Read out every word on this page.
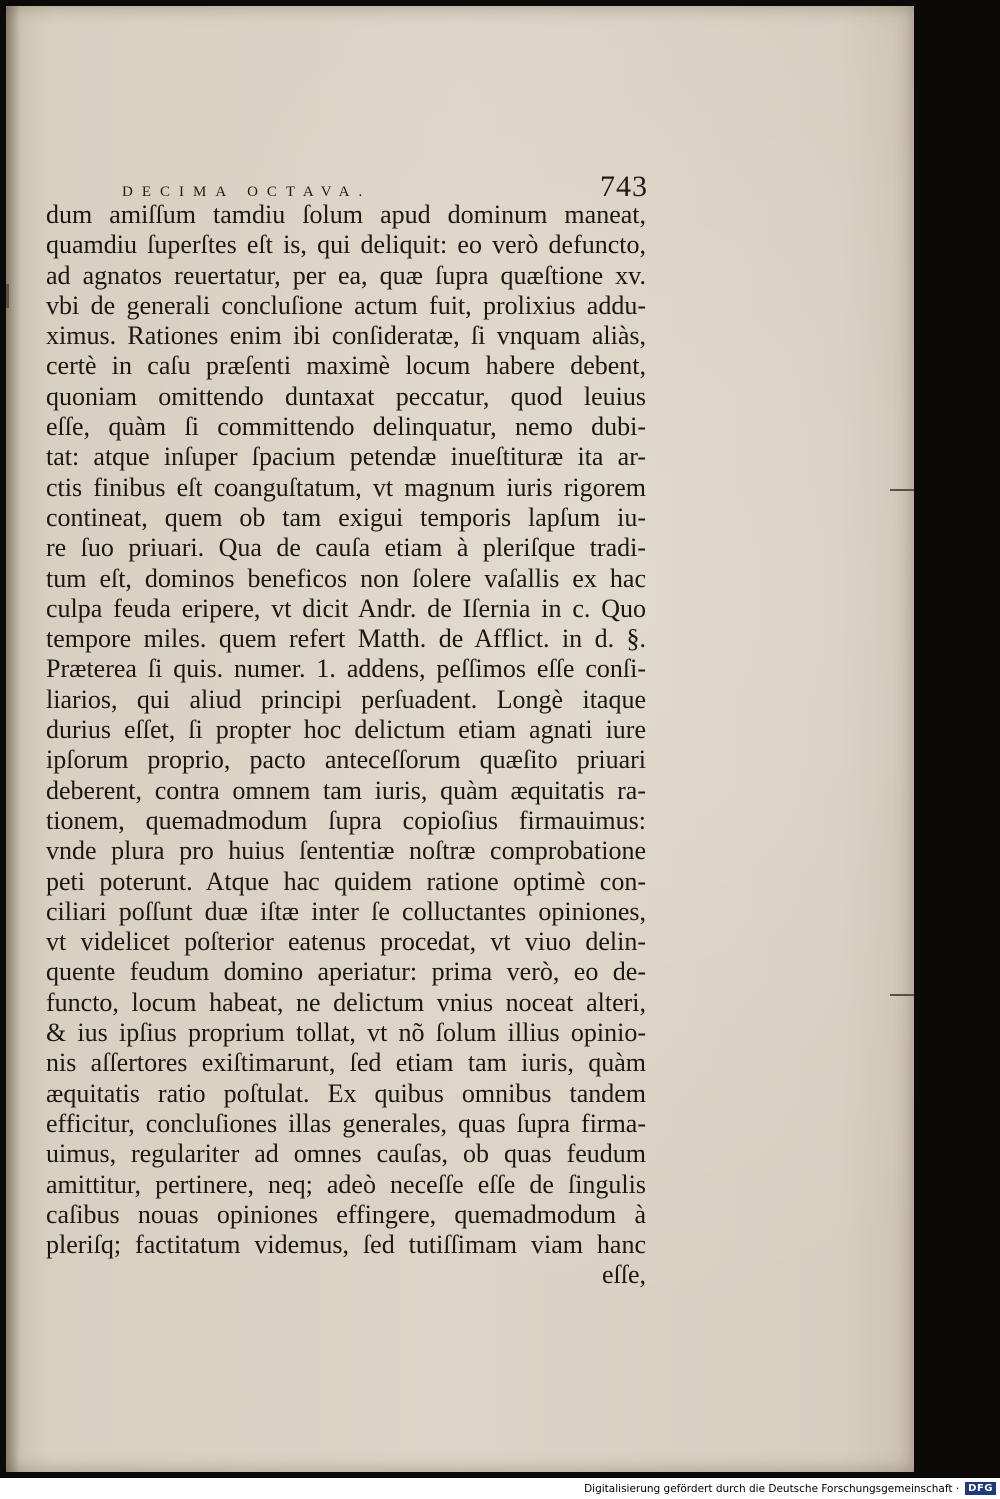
DECIMA OCTAVA.	743
dum amiſſum tamdiu ſolum apud dominum maneat,
quamdiu ſuperſtes eſt is, qui deliquit: eo verò defuncto,
ad agnatos reuertatur, per ea, quæ ſupra quæſtione xv.
vbi de generali concluſione actum fuit, prolixius addu-
ximus. Rationes enim ibi conſideratæ, ſi vnquam aliàs,
certè in caſu præſenti maximè locum habere debent,
quoniam omittendo duntaxat peccatur, quod leuius
eſſe, quàm ſi committendo delinquatur, nemo dubi-
tat: atque inſuper ſpacium petendæ inueſtituræ ita ar-
ctis finibus eſt coanguſtatum, vt magnum iuris rigorem
contineat, quem ob tam exigui temporis lapſum iu-
re ſuo priuari. Qua de cauſa etiam à pleriſque tradi-
tum eſt, dominos beneficos non ſolere vaſallis ex hac
culpa feuda eripere, vt dicit Andr. de Iſernia in c. Quo
tempore miles. quem refert Matth. de Afflict. in d. §.
Præterea ſi quis. numer. 1. addens, peſſimos eſſe conſi-
liarios, qui aliud principi perſuadent. Longè itaque
durius eſſet, ſi propter hoc delictum etiam agnati iure
ipſorum proprio, pacto anteceſſorum quæſito priuari
deberent, contra omnem tam iuris, quàm æquitatis ra-
tionem, quemadmodum ſupra copioſius firmauimus:
vnde plura pro huius ſententiæ noſtræ comprobatione
peti poterunt. Atque hac quidem ratione optimè con-
ciliari poſſunt duæ iſtæ inter ſe colluctantes opiniones,
vt videlicet poſterior eatenus procedat, vt viuo delin-
quente feudum domino aperiatur: prima verò, eo de-
functo, locum habeat, ne delictum vnius noceat alteri,
& ius ipſius proprium tollat, vt nõ ſolum illius opinio-
nis aſſertores exiſtimarunt, ſed etiam tam iuris, quàm
æquitatis ratio poſtulat. Ex quibus omnibus tandem
efficitur, concluſiones illas generales, quas ſupra firma-
uimus, regulariter ad omnes cauſas, ob quas feudum
amittitur, pertinere, neq; adeò neceſſe eſſe de ſingulis
caſibus nouas opiniones effingere, quemadmodum à
pleriſq; factitatum videmus, ſed tutiſſimam viam hanc
eſſe,
Digitalisierung gefördert durch die Deutsche Forschungsgemeinschaft · DFG
